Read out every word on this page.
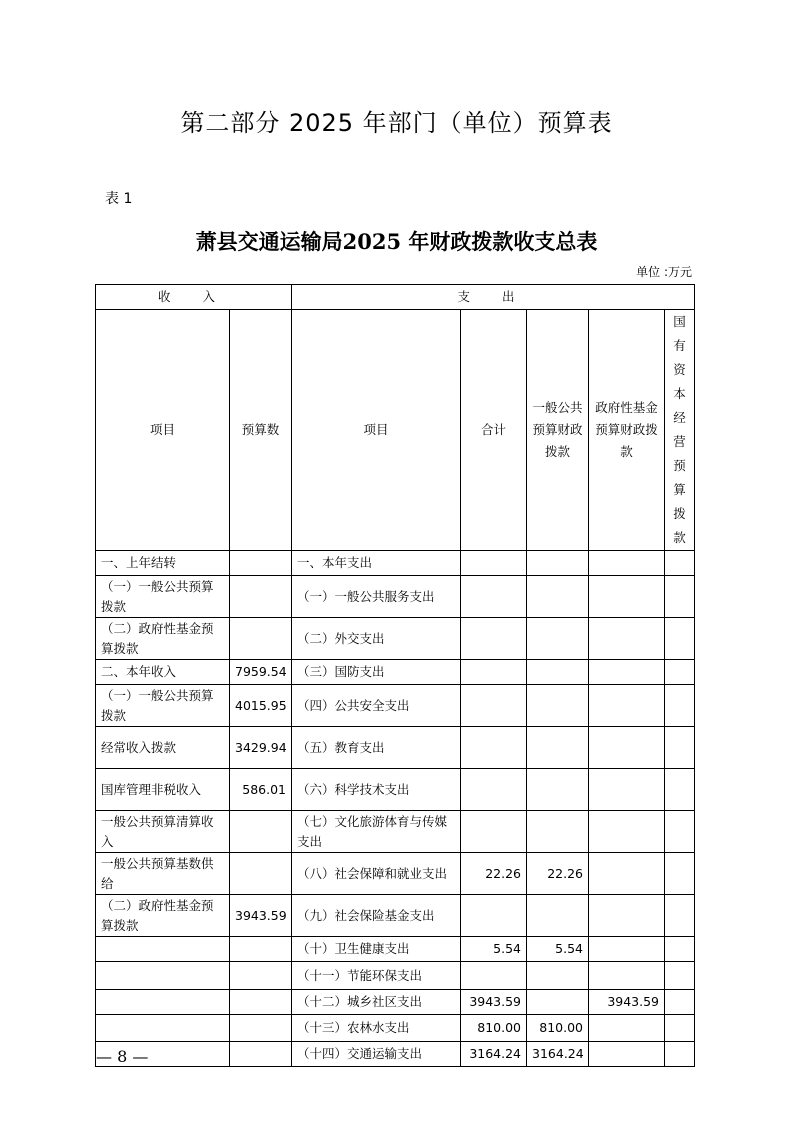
第二部分 2025 年部门（单位）预算表
表 1
萧县交通运输局2025 年财政拨款收支总表
单位 :万元
收 入		支 出				
项目	预算数	项目	合计	一般公共预算财政拨款	政府性基金预算财政拨款	国有资本经营预算拨款

一、上年结转		一、本年支出				
（一）一般公共预算拨款		（一）一般公共服务支出				
（二）政府性基金预算拨款		（二）外交支出				
二、本年收入	7959.54	（三）国防支出				
（一）一般公共预算拨款	4015.95	（四）公共安全支出				
经常收入拨款	3429.94	（五）教育支出				
国库管理非税收入	586.01	（六）科学技术支出				
一般公共预算清算收入		（七）文化旅游体育与传媒支出				
一般公共预算基数供给		（八）社会保障和就业支出	22.26	22.26		
（二）政府性基金预算拨款	3943.59	（九）社会保险基金支出				
		（十）卫生健康支出	5.54	5.54		
		（十一）节能环保支出				
		（十二）城乡社区支出	3943.59		3943.59	
		（十三）农林水支出	810.00	810.00		
		（十四）交通运输支出	3164.24	3164.24		
— 8 —
